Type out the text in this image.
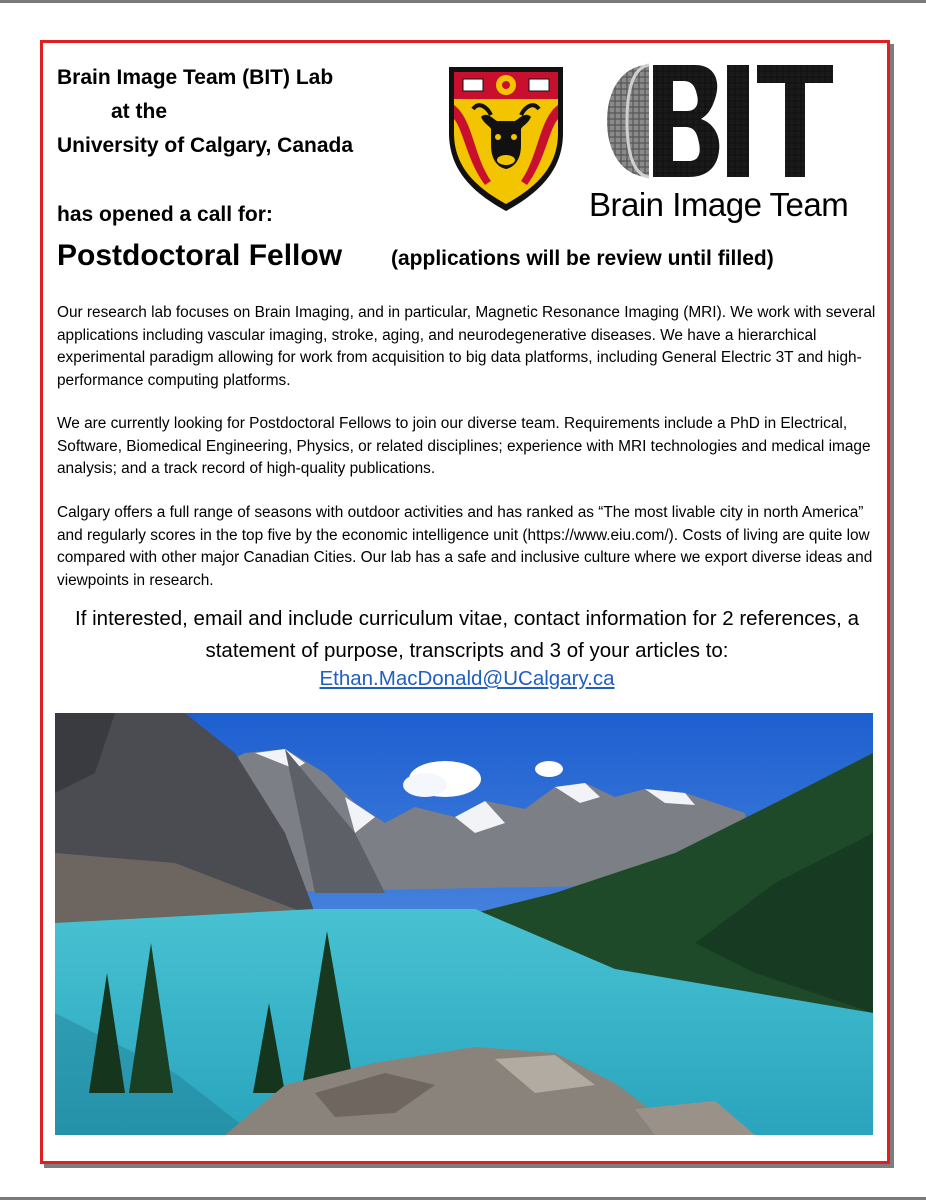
Brain Image Team (BIT) Lab
at the
University of Calgary, Canada
has opened a call for:
Postdoctoral Fellow (applications will be review until filled)
Brain Image Team
Our research lab focuses on Brain Imaging, and in particular, Magnetic Resonance Imaging (MRI). We work with several applications including vascular imaging, stroke, aging, and neurodegenerative diseases. We have a hierarchical experimental paradigm allowing for work from acquisition to big data platforms, including General Electric 3T and high-performance computing platforms.
We are currently looking for Postdoctoral Fellows to join our diverse team. Requirements include a PhD in Electrical, Software, Biomedical Engineering, Physics, or related disciplines; experience with MRI technologies and medical image analysis; and a track record of high-quality publications.
Calgary offers a full range of seasons with outdoor activities and has ranked as “The most livable city in north America” and regularly scores in the top five by the economic intelligence unit (https://www.eiu.com/). Costs of living are quite low compared with other major Canadian Cities. Our lab has a safe and inclusive culture where we export diverse ideas and viewpoints in research.
If interested, email and include curriculum vitae, contact information for 2 references, a statement of purpose, transcripts and 3 of your articles to:
Ethan.MacDonald@UCalgary.ca
